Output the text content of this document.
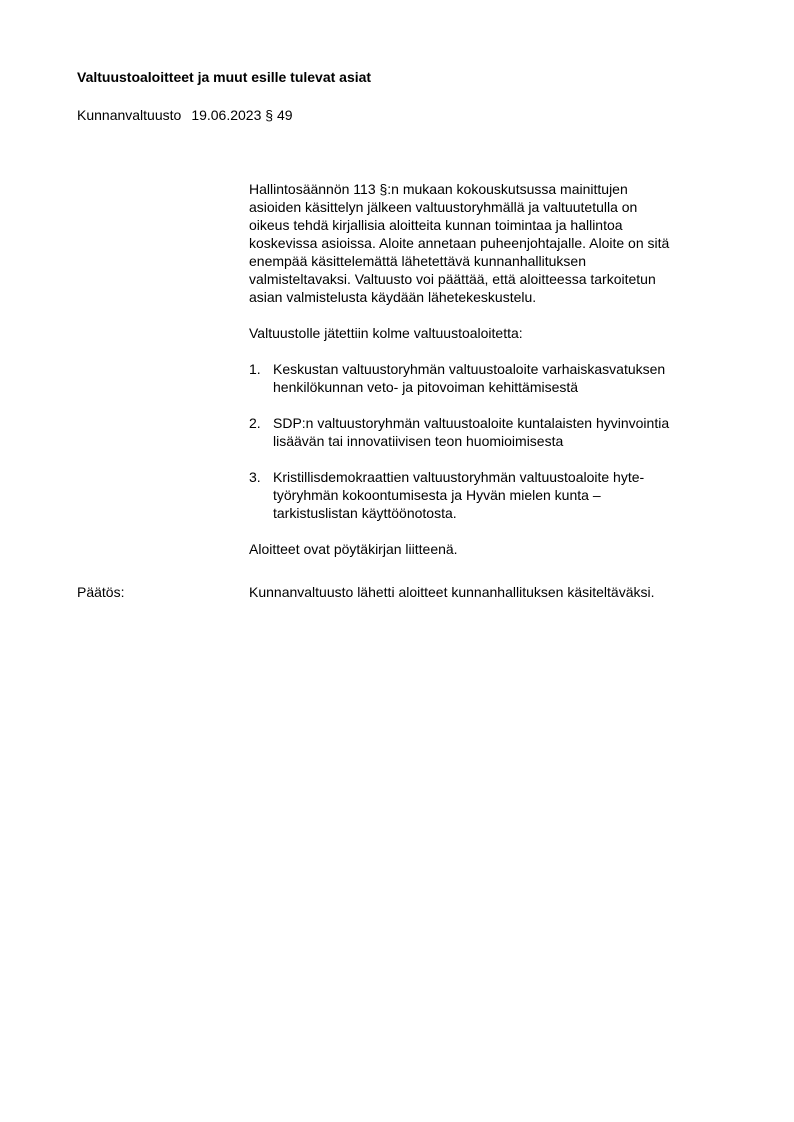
Valtuustoaloitteet ja muut esille tulevat asiat
Kunnanvaltuusto 19.06.2023 § 49

Hallintosäännön 113 §:n mukaan kokouskutsussa mainittujen
asioiden käsittelyn jälkeen valtuustoryhmällä ja valtuutetulla on
oikeus tehdä kirjallisia aloitteita kunnan toimintaa ja hallintoa
koskevissa asioissa. Aloite annetaan puheenjohtajalle. Aloite on sitä
enempää käsittelemättä lähetettävä kunnanhallituksen
valmisteltavaksi. Valtuusto voi päättää, että aloitteessa tarkoitetun
asian valmistelusta käydään lähetekeskustelu.

Valtuustolle jätettiin kolme valtuustoaloitetta:

1. Keskustan valtuustoryhmän valtuustoaloite varhaiskasvatuksen
henkilökunnan veto- ja pitovoiman kehittämisestä
2. SDP:n valtuustoryhmän valtuustoaloite kuntalaisten hyvinvointia
lisäävän tai innovatiivisen teon huomioimisesta
3. Kristillisdemokraattien valtuustoryhmän valtuustoaloite hyte-
työryhmän kokoontumisesta ja Hyvän mielen kunta –
tarkistuslistan käyttöönotosta.

Aloitteet ovat pöytäkirjan liitteenä.

Päätös:	Kunnanvaltuusto lähetti aloitteet kunnanhallituksen käsiteltäväksi.
